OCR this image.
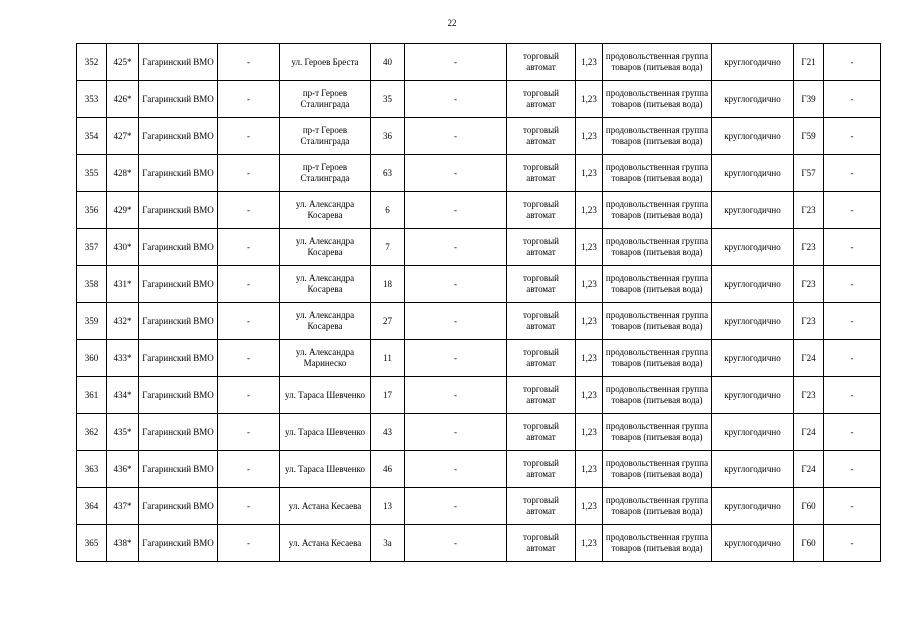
22
352	425*	Гагаринский ВМО	-	ул. Героев Бреста	40	-	торговый автомат	1,23	продовольственная группа товаров (питьевая вода)	круглогодично	Г21	-
353	426*	Гагаринский ВМО	-	пр-т Героев Сталинграда	35	-	торговый автомат	1,23	продовольственная группа товаров (питьевая вода)	круглогодично	Г39	-
354	427*	Гагаринский ВМО	-	пр-т Героев Сталинграда	36	-	торговый автомат	1,23	продовольственная группа товаров (питьевая вода)	круглогодично	Г59	-
355	428*	Гагаринский ВМО	-	пр-т Героев Сталинграда	63	-	торговый автомат	1,23	продовольственная группа товаров (питьевая вода)	круглогодично	Г57	-
356	429*	Гагаринский ВМО	-	ул. Александра Косарева	6	-	торговый автомат	1,23	продовольственная группа товаров (питьевая вода)	круглогодично	Г23	-
357	430*	Гагаринский ВМО	-	ул. Александра Косарева	7	-	торговый автомат	1,23	продовольственная группа товаров (питьевая вода)	круглогодично	Г23	-
358	431*	Гагаринский ВМО	-	ул. Александра Косарева	18	-	торговый автомат	1,23	продовольственная группа товаров (питьевая вода)	круглогодично	Г23	-
359	432*	Гагаринский ВМО	-	ул. Александра Косарева	27	-	торговый автомат	1,23	продовольственная группа товаров (питьевая вода)	круглогодично	Г23	-
360	433*	Гагаринский ВМО	-	ул. Александра Маринеско	11	-	торговый автомат	1,23	продовольственная группа товаров (питьевая вода)	круглогодично	Г24	-
361	434*	Гагаринский ВМО	-	ул. Тараса Шевченко	17	-	торговый автомат	1,23	продовольственная группа товаров (питьевая вода)	круглогодично	Г23	-
362	435*	Гагаринский ВМО	-	ул. Тараса Шевченко	43	-	торговый автомат	1,23	продовольственная группа товаров (питьевая вода)	круглогодично	Г24	-
363	436*	Гагаринский ВМО	-	ул. Тараса Шевченко	46	-	торговый автомат	1,23	продовольственная группа товаров (питьевая вода)	круглогодично	Г24	-
364	437*	Гагаринский ВМО	-	ул. Астана Кесаева	13	-	торговый автомат	1,23	продовольственная группа товаров (питьевая вода)	круглогодично	Г60	-
365	438*	Гагаринский ВМО	-	ул. Астана Кесаева	3а	-	торговый автомат	1,23	продовольственная группа товаров (питьевая вода)	круглогодично	Г60	-
